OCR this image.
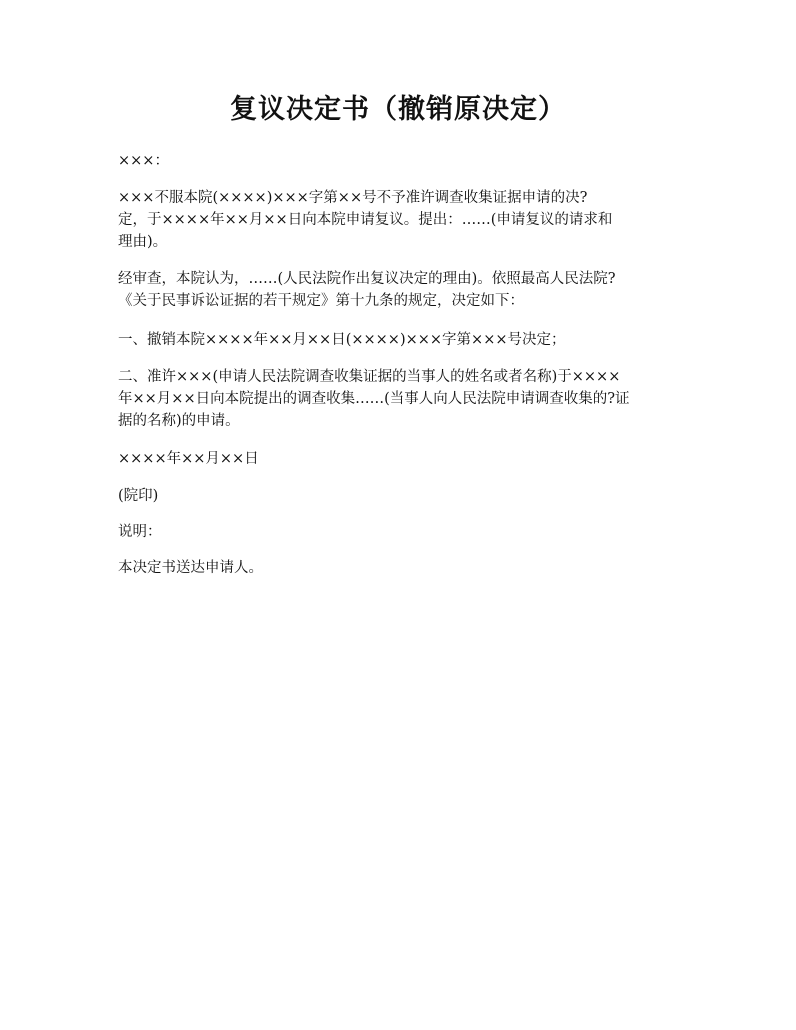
复议决定书（撤销原决定）

×××：

×××不服本院(××××)×××字第××号不予准许调查收集证据申请的决?
定，于××××年××月××日向本院申请复议。提出：……(申请复议的请求和
理由)。

经审查，本院认为，……(人民法院作出复议决定的理由)。依照最高人民法院?
《关于民事诉讼证据的若干规定》第十九条的规定，决定如下：

一、撤销本院××××年××月××日(××××)×××字第×××号决定；

二、准许×××(申请人民法院调查收集证据的当事人的姓名或者名称)于××××
年××月××日向本院提出的调查收集……(当事人向人民法院申请调查收集的?证
据的名称)的申请。

××××年××月××日

(院印)

说明：

本决定书送达申请人。
